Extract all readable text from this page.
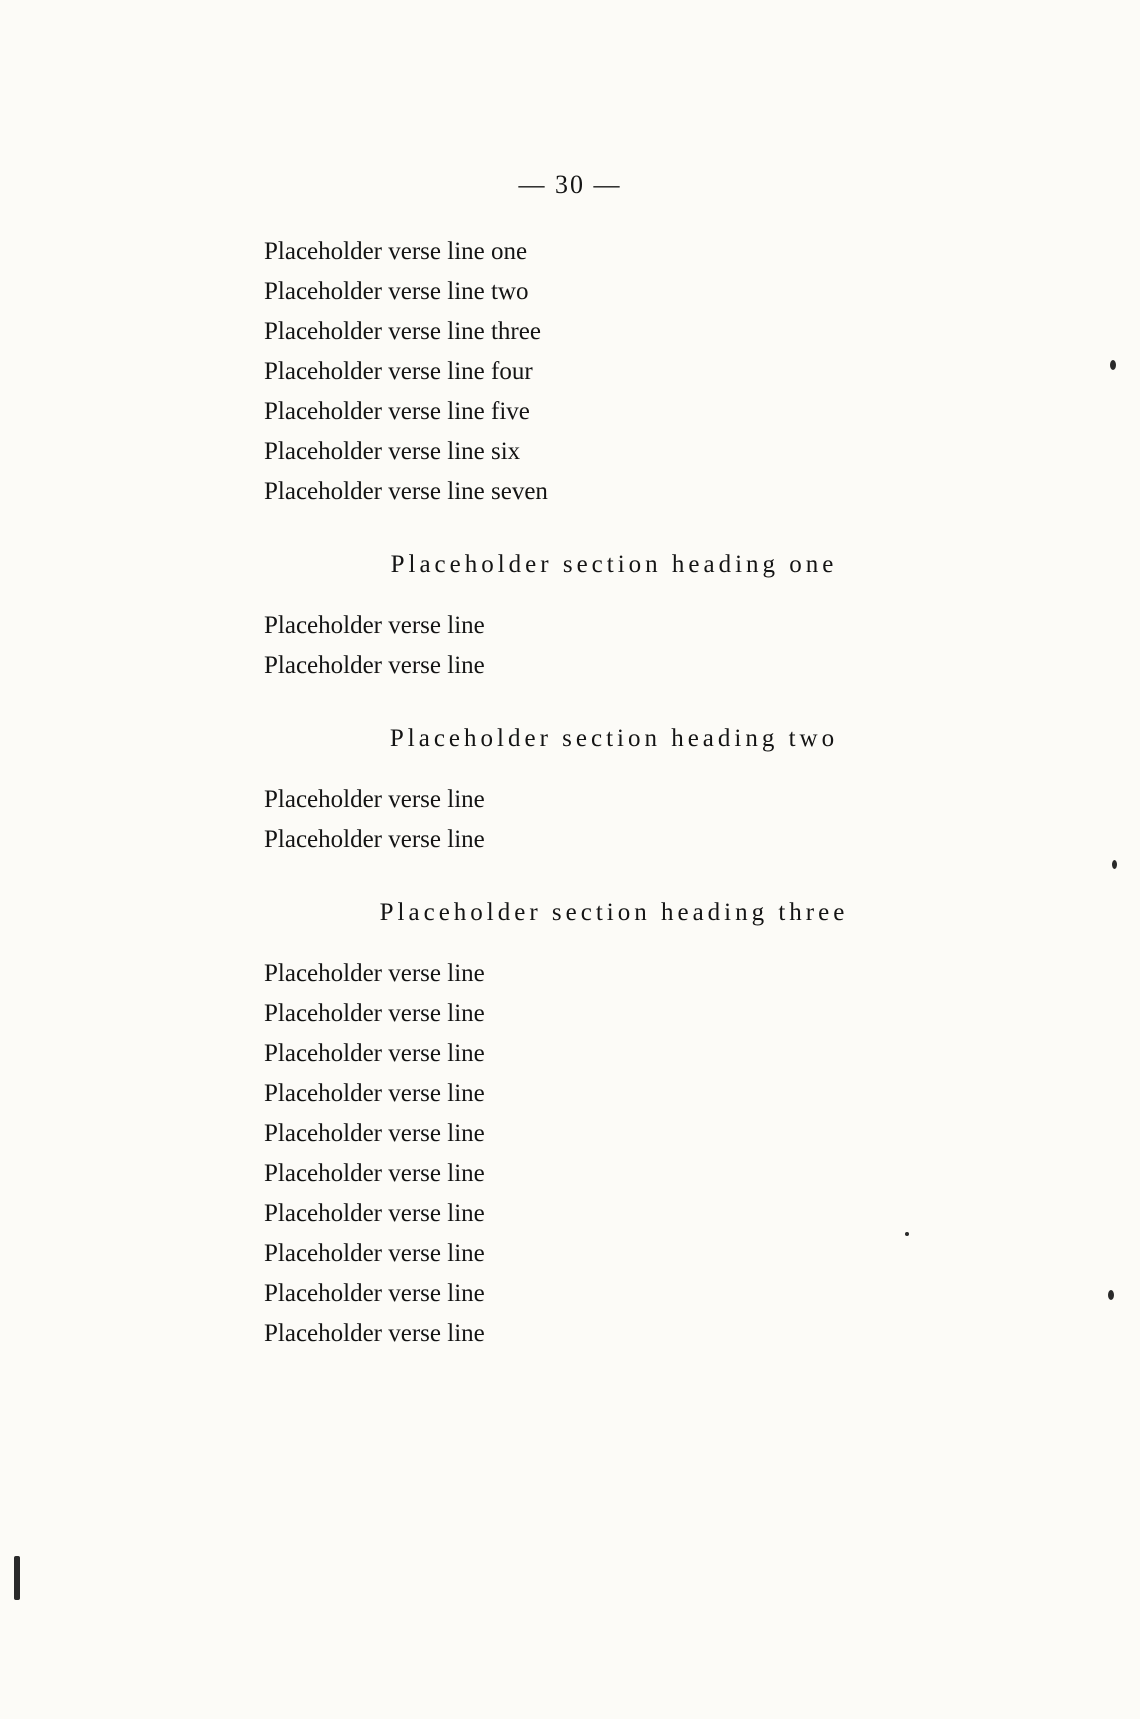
— 30 —
Placeholder verse line one
Placeholder verse line two
Placeholder verse line three
Placeholder verse line four
Placeholder verse line five
Placeholder verse line six
Placeholder verse line seven
Placeholder section heading one
Placeholder verse line
Placeholder verse line
Placeholder section heading two
Placeholder verse line
Placeholder verse line
Placeholder section heading three
Placeholder verse line
Placeholder verse line
Placeholder verse line
Placeholder verse line
Placeholder verse line
Placeholder verse line
Placeholder verse line
Placeholder verse line
Placeholder verse line
Placeholder verse line
